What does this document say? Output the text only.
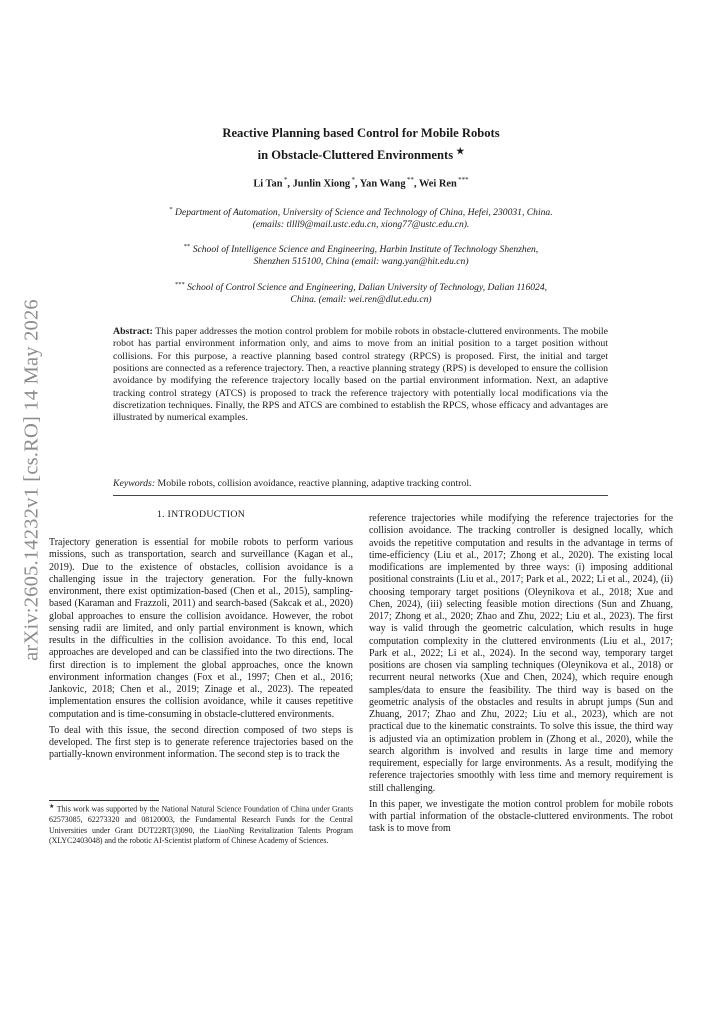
arXiv:2605.14232v1 [cs.RO] 14 May 2026
Reactive Planning based Control for Mobile Robots
in Obstacle-Cluttered Environments ★
Li Tan *, Junlin Xiong *, Yan Wang **, Wei Ren ***
* Department of Automation, University of Science and Technology of China, Hefei, 230031, China. (emails: tllll9@mail.ustc.edu.cn, xiong77@ustc.edu.cn).
** School of Intelligence Science and Engineering, Harbin Institute of Technology Shenzhen, Shenzhen 515100, China (email: wang.yan@hit.edu.cn)
*** School of Control Science and Engineering, Dalian University of Technology, Dalian 116024, China. (email: wei.ren@dlut.edu.cn)
Abstract: This paper addresses the motion control problem for mobile robots in obstacle-cluttered environments. The mobile robot has partial environment information only, and aims to move from an initial position to a target position without collisions. For this purpose, a reactive planning based control strategy (RPCS) is proposed. First, the initial and target positions are connected as a reference trajectory. Then, a reactive planning strategy (RPS) is developed to ensure the collision avoidance by modifying the reference trajectory locally based on the partial environment information. Next, an adaptive tracking control strategy (ATCS) is proposed to track the reference trajectory with potentially local modifications via the discretization techniques. Finally, the RPS and ATCS are combined to establish the RPCS, whose efficacy and advantages are illustrated by numerical examples.
Keywords: Mobile robots, collision avoidance, reactive planning, adaptive tracking control.
1. INTRODUCTION

Trajectory generation is essential for mobile robots to perform various missions, such as transportation, search and surveillance (Kagan et al., 2019). Due to the existence of obstacles, collision avoidance is a challenging issue in the trajectory generation. For the fully-known environment, there exist optimization-based (Chen et al., 2015), sampling-based (Karaman and Frazzoli, 2011) and search-based (Sakcak et al., 2020) global approaches to ensure the collision avoidance. However, the robot sensing radii are limited, and only partial environment is known, which results in the difficulties in the collision avoidance. To this end, local approaches are developed and can be classified into the two directions. The first direction is to implement the global approaches, once the known environment information changes (Fox et al., 1997; Chen et al., 2016; Jankovic, 2018; Chen et al., 2019; Zinage et al., 2023). The repeated implementation ensures the collision avoidance, while it causes repetitive computation and is time-consuming in obstacle-cluttered environments.

To deal with this issue, the second direction composed of two steps is developed. The first step is to generate reference trajectories based on the partially-known environment information. The second step is to track the

★ This work was supported by the National Natural Science Foundation of China under Grants 62573085, 62273320 and 08120003, the Fundamental Research Funds for the Central Universities under Grant DUT22RT(3)090, the LiaoNing Revitalization Talents Program (XLYC2403048) and the robotic AI-Scientist platform of Chinese Academy of Sciences.

reference trajectories while modifying the reference trajectories for the collision avoidance. The tracking controller is designed locally, which avoids the repetitive computation and results in the advantage in terms of time-efficiency (Liu et al., 2017; Zhong et al., 2020). The existing local modifications are implemented by three ways: (i) imposing additional positional constraints (Liu et al., 2017; Park et al., 2022; Li et al., 2024), (ii) choosing temporary target positions (Oleynikova et al., 2018; Xue and Chen, 2024), (iii) selecting feasible motion directions (Sun and Zhuang, 2017; Zhong et al., 2020; Zhao and Zhu, 2022; Liu et al., 2023). The first way is valid through the geometric calculation, which results in huge computation complexity in the cluttered environments (Liu et al., 2017; Park et al., 2022; Li et al., 2024). In the second way, temporary target positions are chosen via sampling techniques (Oleynikova et al., 2018) or recurrent neural networks (Xue and Chen, 2024), which require enough samples/data to ensure the feasibility. The third way is based on the geometric analysis of the obstacles and results in abrupt jumps (Sun and Zhuang, 2017; Zhao and Zhu, 2022; Liu et al., 2023), which are not practical due to the kinematic constraints. To solve this issue, the third way is adjusted via an optimization problem in (Zhong et al., 2020), while the search algorithm is involved and results in large time and memory requirement, especially for large environments. As a result, modifying the reference trajectories smoothly with less time and memory requirement is still challenging.

In this paper, we investigate the motion control problem for mobile robots with partial information of the obstacle-cluttered environments. The robot task is to move from
